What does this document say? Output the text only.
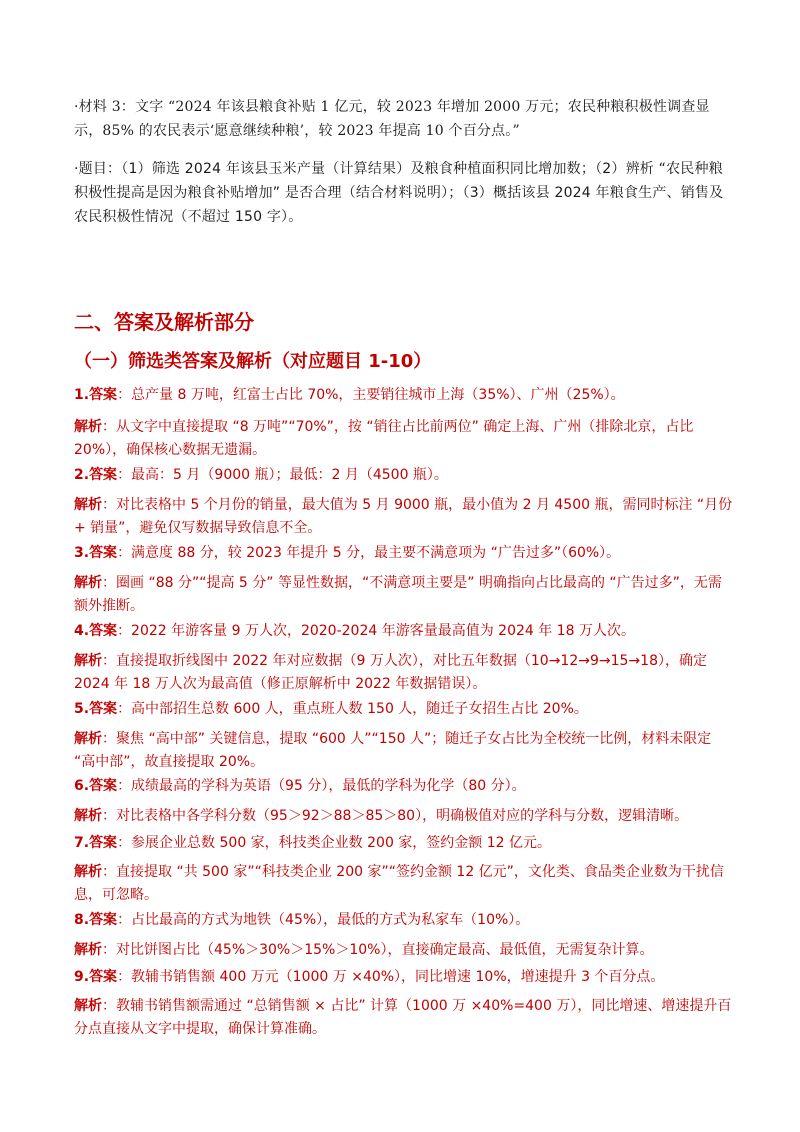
·材料 3：文字 “2024 年该县粮食补贴 1 亿元，较 2023 年增加 2000 万元；农民种粮积极性调查显示，85% 的农民表示‘愿意继续种粮’，较 2023 年提高 10 个百分点。”
·题目：（1）筛选 2024 年该县玉米产量（计算结果）及粮食种植面积同比增加数；（2）辨析 “农民种粮积极性提高是因为粮食补贴增加” 是否合理（结合材料说明）；（3）概括该县 2024 年粮食生产、销售及农民积极性情况（不超过 150 字）。
二、答案及解析部分
（一）筛选类答案及解析（对应题目 1-10）
1.答案：总产量 8 万吨，红富士占比 70%，主要销往城市上海（35%）、广州（25%）。
解析：从文字中直接提取 “8 万吨”“70%”，按 “销往占比前两位” 确定上海、广州（排除北京，占比 20%），确保核心数据无遗漏。
2.答案：最高：5 月（9000 瓶）；最低：2 月（4500 瓶）。
解析：对比表格中 5 个月份的销量，最大值为 5 月 9000 瓶，最小值为 2 月 4500 瓶，需同时标注 “月份 + 销量”，避免仅写数据导致信息不全。
3.答案：满意度 88 分，较 2023 年提升 5 分，最主要不满意项为 “广告过多”（60%）。
解析：圈画 “88 分”“提高 5 分” 等显性数据，“不满意项主要是” 明确指向占比最高的 “广告过多”，无需额外推断。
4.答案：2022 年游客量 9 万人次，2020-2024 年游客量最高值为 2024 年 18 万人次。
解析：直接提取折线图中 2022 年对应数据（9 万人次），对比五年数据（10→12→9→15→18），确定 2024 年 18 万人次为最高值（修正原解析中 2022 年数据错误）。
5.答案：高中部招生总数 600 人，重点班人数 150 人，随迁子女招生占比 20%。
解析：聚焦 “高中部” 关键信息，提取 “600 人”“150 人”；随迁子女占比为全校统一比例，材料未限定 “高中部”，故直接提取 20%。
6.答案：成绩最高的学科为英语（95 分），最低的学科为化学（80 分）。
解析：对比表格中各学科分数（95＞92＞88＞85＞80），明确极值对应的学科与分数，逻辑清晰。
7.答案：参展企业总数 500 家，科技类企业数 200 家，签约金额 12 亿元。
解析：直接提取 “共 500 家”“科技类企业 200 家”“签约金额 12 亿元”，文化类、食品类企业数为干扰信息，可忽略。
8.答案：占比最高的方式为地铁（45%），最低的方式为私家车（10%）。
解析：对比饼图占比（45%＞30%＞15%＞10%），直接确定最高、最低值，无需复杂计算。
9.答案：教辅书销售额 400 万元（1000 万 ×40%），同比增速 10%，增速提升 3 个百分点。
解析：教辅书销售额需通过 “总销售额 × 占比” 计算（1000 万 ×40%=400 万），同比增速、增速提升百分点直接从文字中提取，确保计算准确。
